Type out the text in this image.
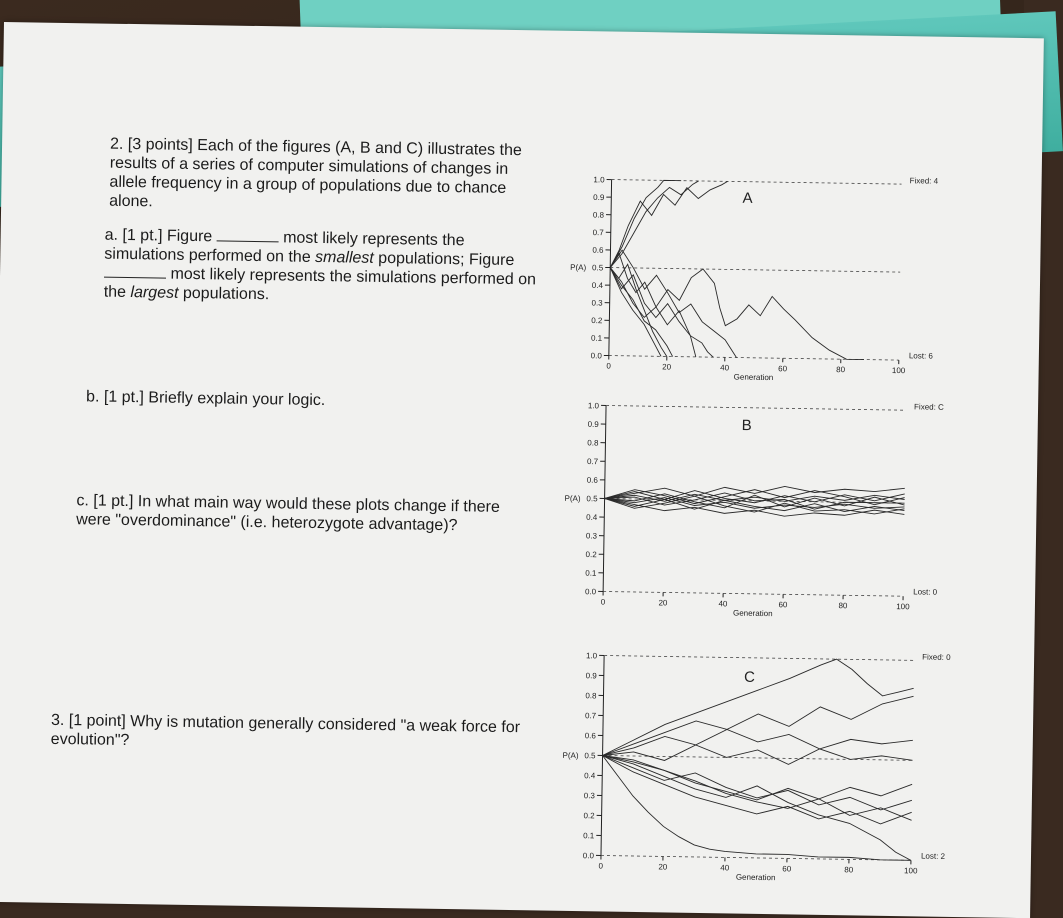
2. [3 points] Each of the figures (A, B and C) illustrates the results of a series of computer simulations of changes in allele frequency in a group of populations due to chance alone.
a. [1 pt.] Figure	most likely represents the simulations performed on the smallest populations; Figure  most likely represents the simulations performed on the largest populations.
b. [1 pt.] Briefly explain your logic.
c. [1 pt.] In what main way would these plots change if there were "overdominance" (i.e. heterozygote advantage)?
3. [1 point] Why is mutation generally considered "a weak force for evolution"?
0.0
0.1
0.2
0.3
0.4
0.5
0.6
0.7
0.8
0.9
1.0
0	20	40	60	80	100
P(A)
Generation
A
Fixed: 4
Lost: 6
0.0
0.1
0.2
0.3
0.4
0.5
0.6
0.7
0.8
0.9
1.0
0	20	40	60	80	100
P(A)
Generation
B
Fixed: C
Lost: 0
0.0
0.1
0.2
0.3
0.4
0.5
0.6
0.7
0.8
0.9
1.0
0	20	40	60	80	100
P(A)
Generation
C
Fixed: 0
Lost: 2
